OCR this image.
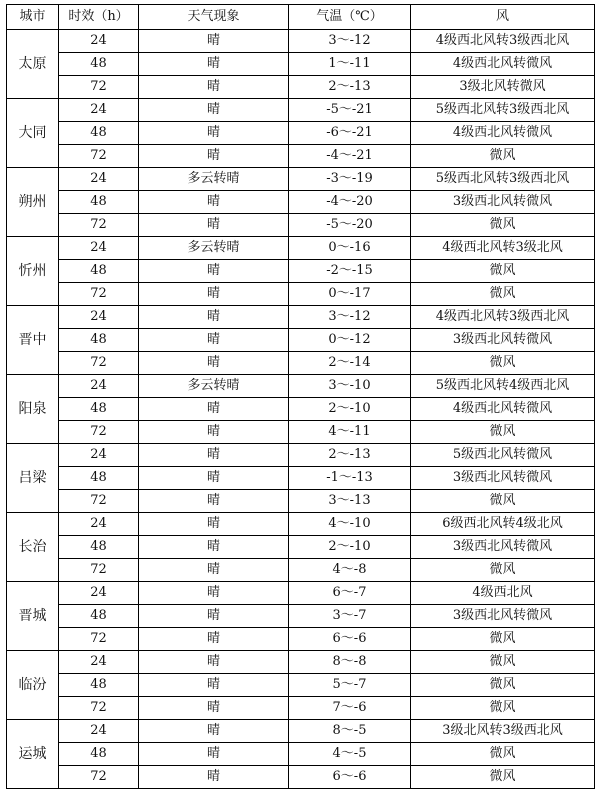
城市	时效（h）	天气现象	气温（℃）	风
太原	24	晴	3～-12	4级西北风转3级西北风
	48	晴	1～-11	4级西北风转微风
	72	晴	2～-13	3级北风转微风
大同	24	晴	-5～-21	5级西北风转3级西北风
	48	晴	-6～-21	4级西北风转微风
	72	晴	-4～-21	微风
朔州	24	多云转晴	-3～-19	5级西北风转3级西北风
	48	晴	-4～-20	3级西北风转微风
	72	晴	-5～-20	微风
忻州	24	多云转晴	0～-16	4级西北风转3级北风
	48	晴	-2～-15	微风
	72	晴	0～-17	微风
晋中	24	晴	3～-12	4级西北风转3级西北风
	48	晴	0～-12	3级西北风转微风
	72	晴	2～-14	微风
阳泉	24	多云转晴	3～-10	5级西北风转4级西北风
	48	晴	2～-10	4级西北风转微风
	72	晴	4～-11	微风
吕梁	24	晴	2～-13	5级西北风转微风
	48	晴	-1～-13	3级西北风转微风
	72	晴	3～-13	微风
长治	24	晴	4～-10	6级西北风转4级北风
	48	晴	2～-10	3级西北风转微风
	72	晴	4～-8	微风
晋城	24	晴	6～-7	4级西北风
	48	晴	3～-7	3级西北风转微风
	72	晴	6～-6	微风
临汾	24	晴	8～-8	微风
	48	晴	5～-7	微风
	72	晴	7～-6	微风
运城	24	晴	8～-5	3级北风转3级西北风
	48	晴	4～-5	微风
	72	晴	6～-6	微风
